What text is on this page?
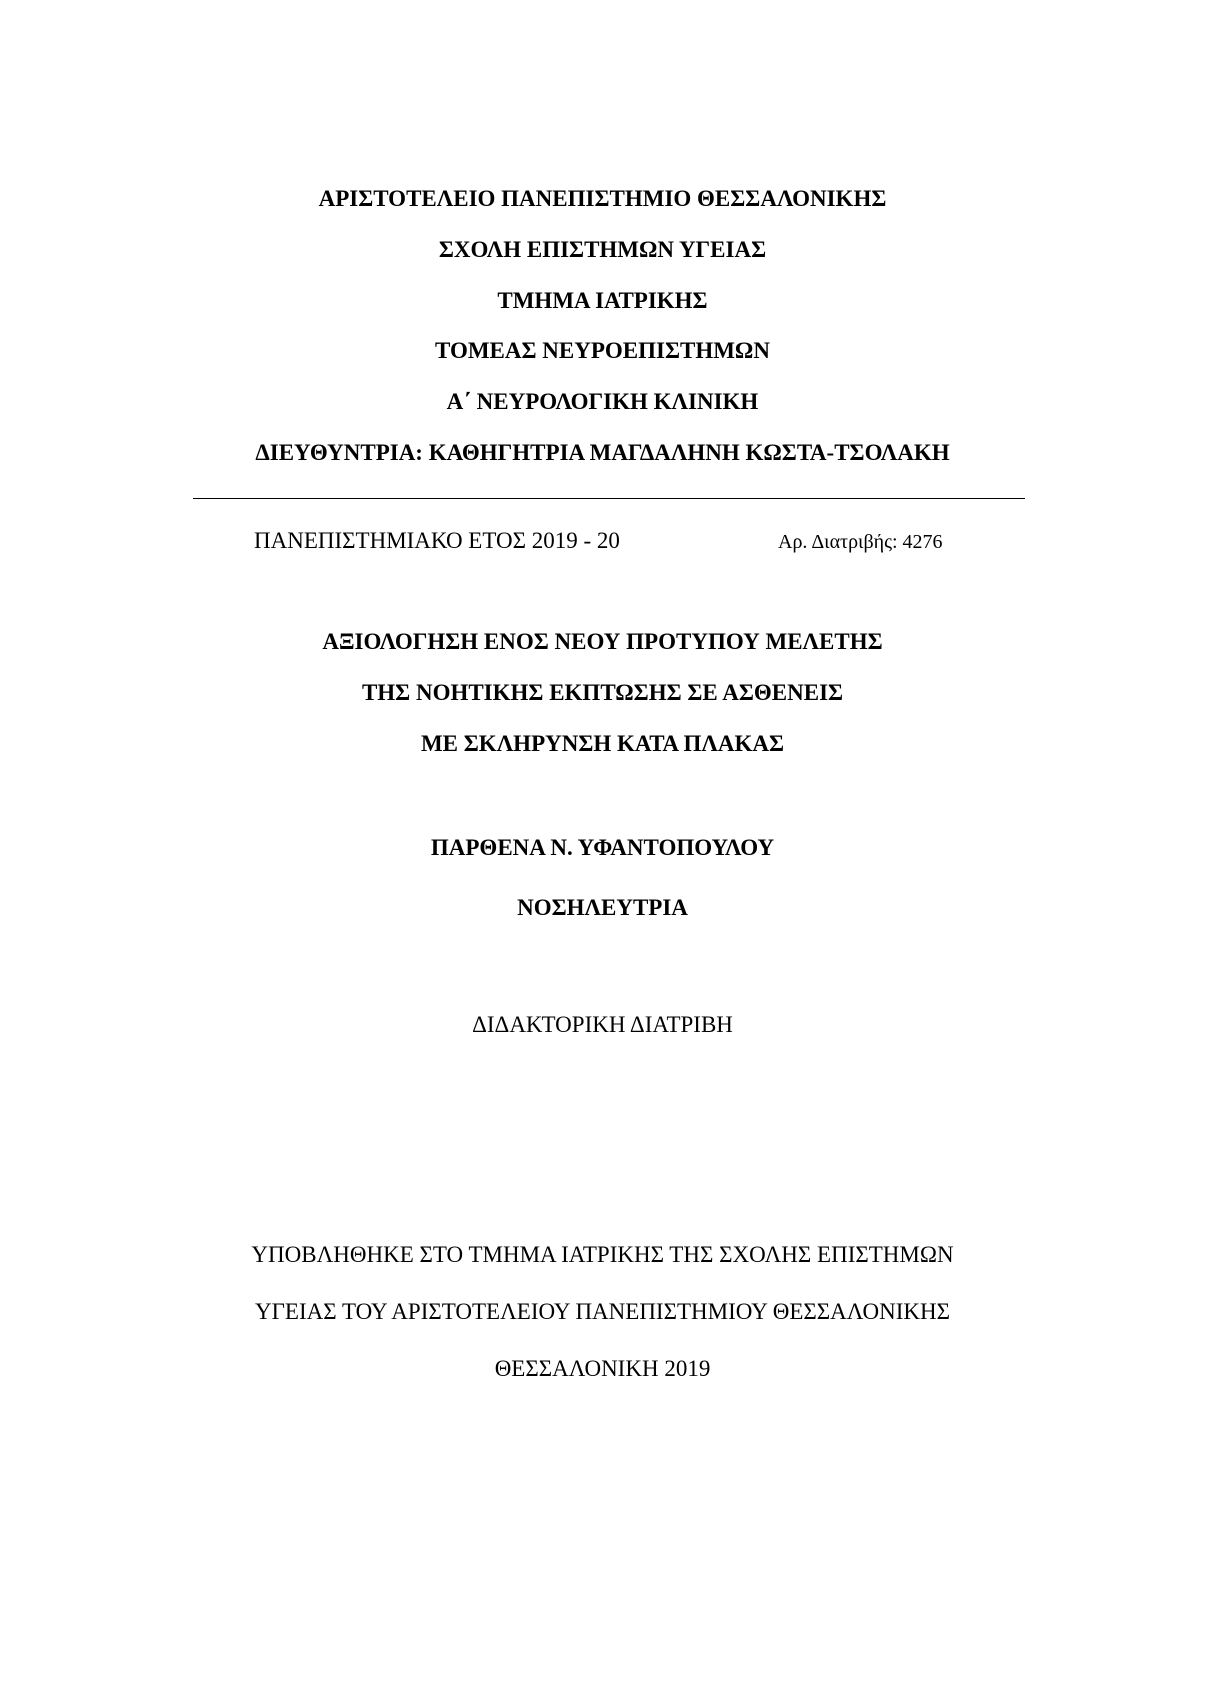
ΑΡΙΣΤΟΤΕΛΕΙΟ ΠΑΝΕΠΙΣΤΗΜΙΟ ΘΕΣΣΑΛΟΝΙΚΗΣ
ΣΧΟΛΗ ΕΠΙΣΤΗΜΩΝ ΥΓΕΙΑΣ
ΤΜΗΜΑ ΙΑΤΡΙΚΗΣ
ΤΟΜΕΑΣ ΝΕΥΡΟΕΠΙΣΤΗΜΩΝ
Α΄ ΝΕΥΡΟΛΟΓΙΚΗ ΚΛΙΝΙΚΗ
ΔΙΕΥΘΥΝΤΡΙΑ: ΚΑΘΗΓΗΤΡΙΑ ΜΑΓΔΑΛΗΝΗ ΚΩΣΤΑ-ΤΣΟΛΑΚΗ
ΠΑΝΕΠΙΣΤΗΜΙΑΚΟ ΕΤΟΣ 2019 - 20	Αρ. Διατριβής: 4276
ΑΞΙΟΛΟΓΗΣΗ ΕΝΟΣ ΝΕΟΥ ΠΡΟΤΥΠΟΥ ΜΕΛΕΤΗΣ
ΤΗΣ ΝΟΗΤΙΚΗΣ ΕΚΠΤΩΣΗΣ ΣΕ ΑΣΘΕΝΕΙΣ
ΜΕ ΣΚΛΗΡΥΝΣΗ ΚΑΤΑ ΠΛΑΚΑΣ
ΠΑΡΘΕΝΑ Ν. ΥΦΑΝΤΟΠΟΥΛΟΥ
ΝΟΣΗΛΕΥΤΡΙΑ
ΔΙΔΑΚΤΟΡΙΚΗ ΔΙΑΤΡΙΒΗ
ΥΠΟΒΛΗΘΗΚΕ ΣΤΟ ΤΜΗΜΑ ΙΑΤΡΙΚΗΣ ΤΗΣ ΣΧΟΛΗΣ ΕΠΙΣΤΗΜΩΝ
ΥΓΕΙΑΣ ΤΟΥ ΑΡΙΣΤΟΤΕΛΕΙΟΥ ΠΑΝΕΠΙΣΤΗΜΙΟΥ ΘΕΣΣΑΛΟΝΙΚΗΣ
ΘΕΣΣΑΛΟΝΙΚΗ 2019
